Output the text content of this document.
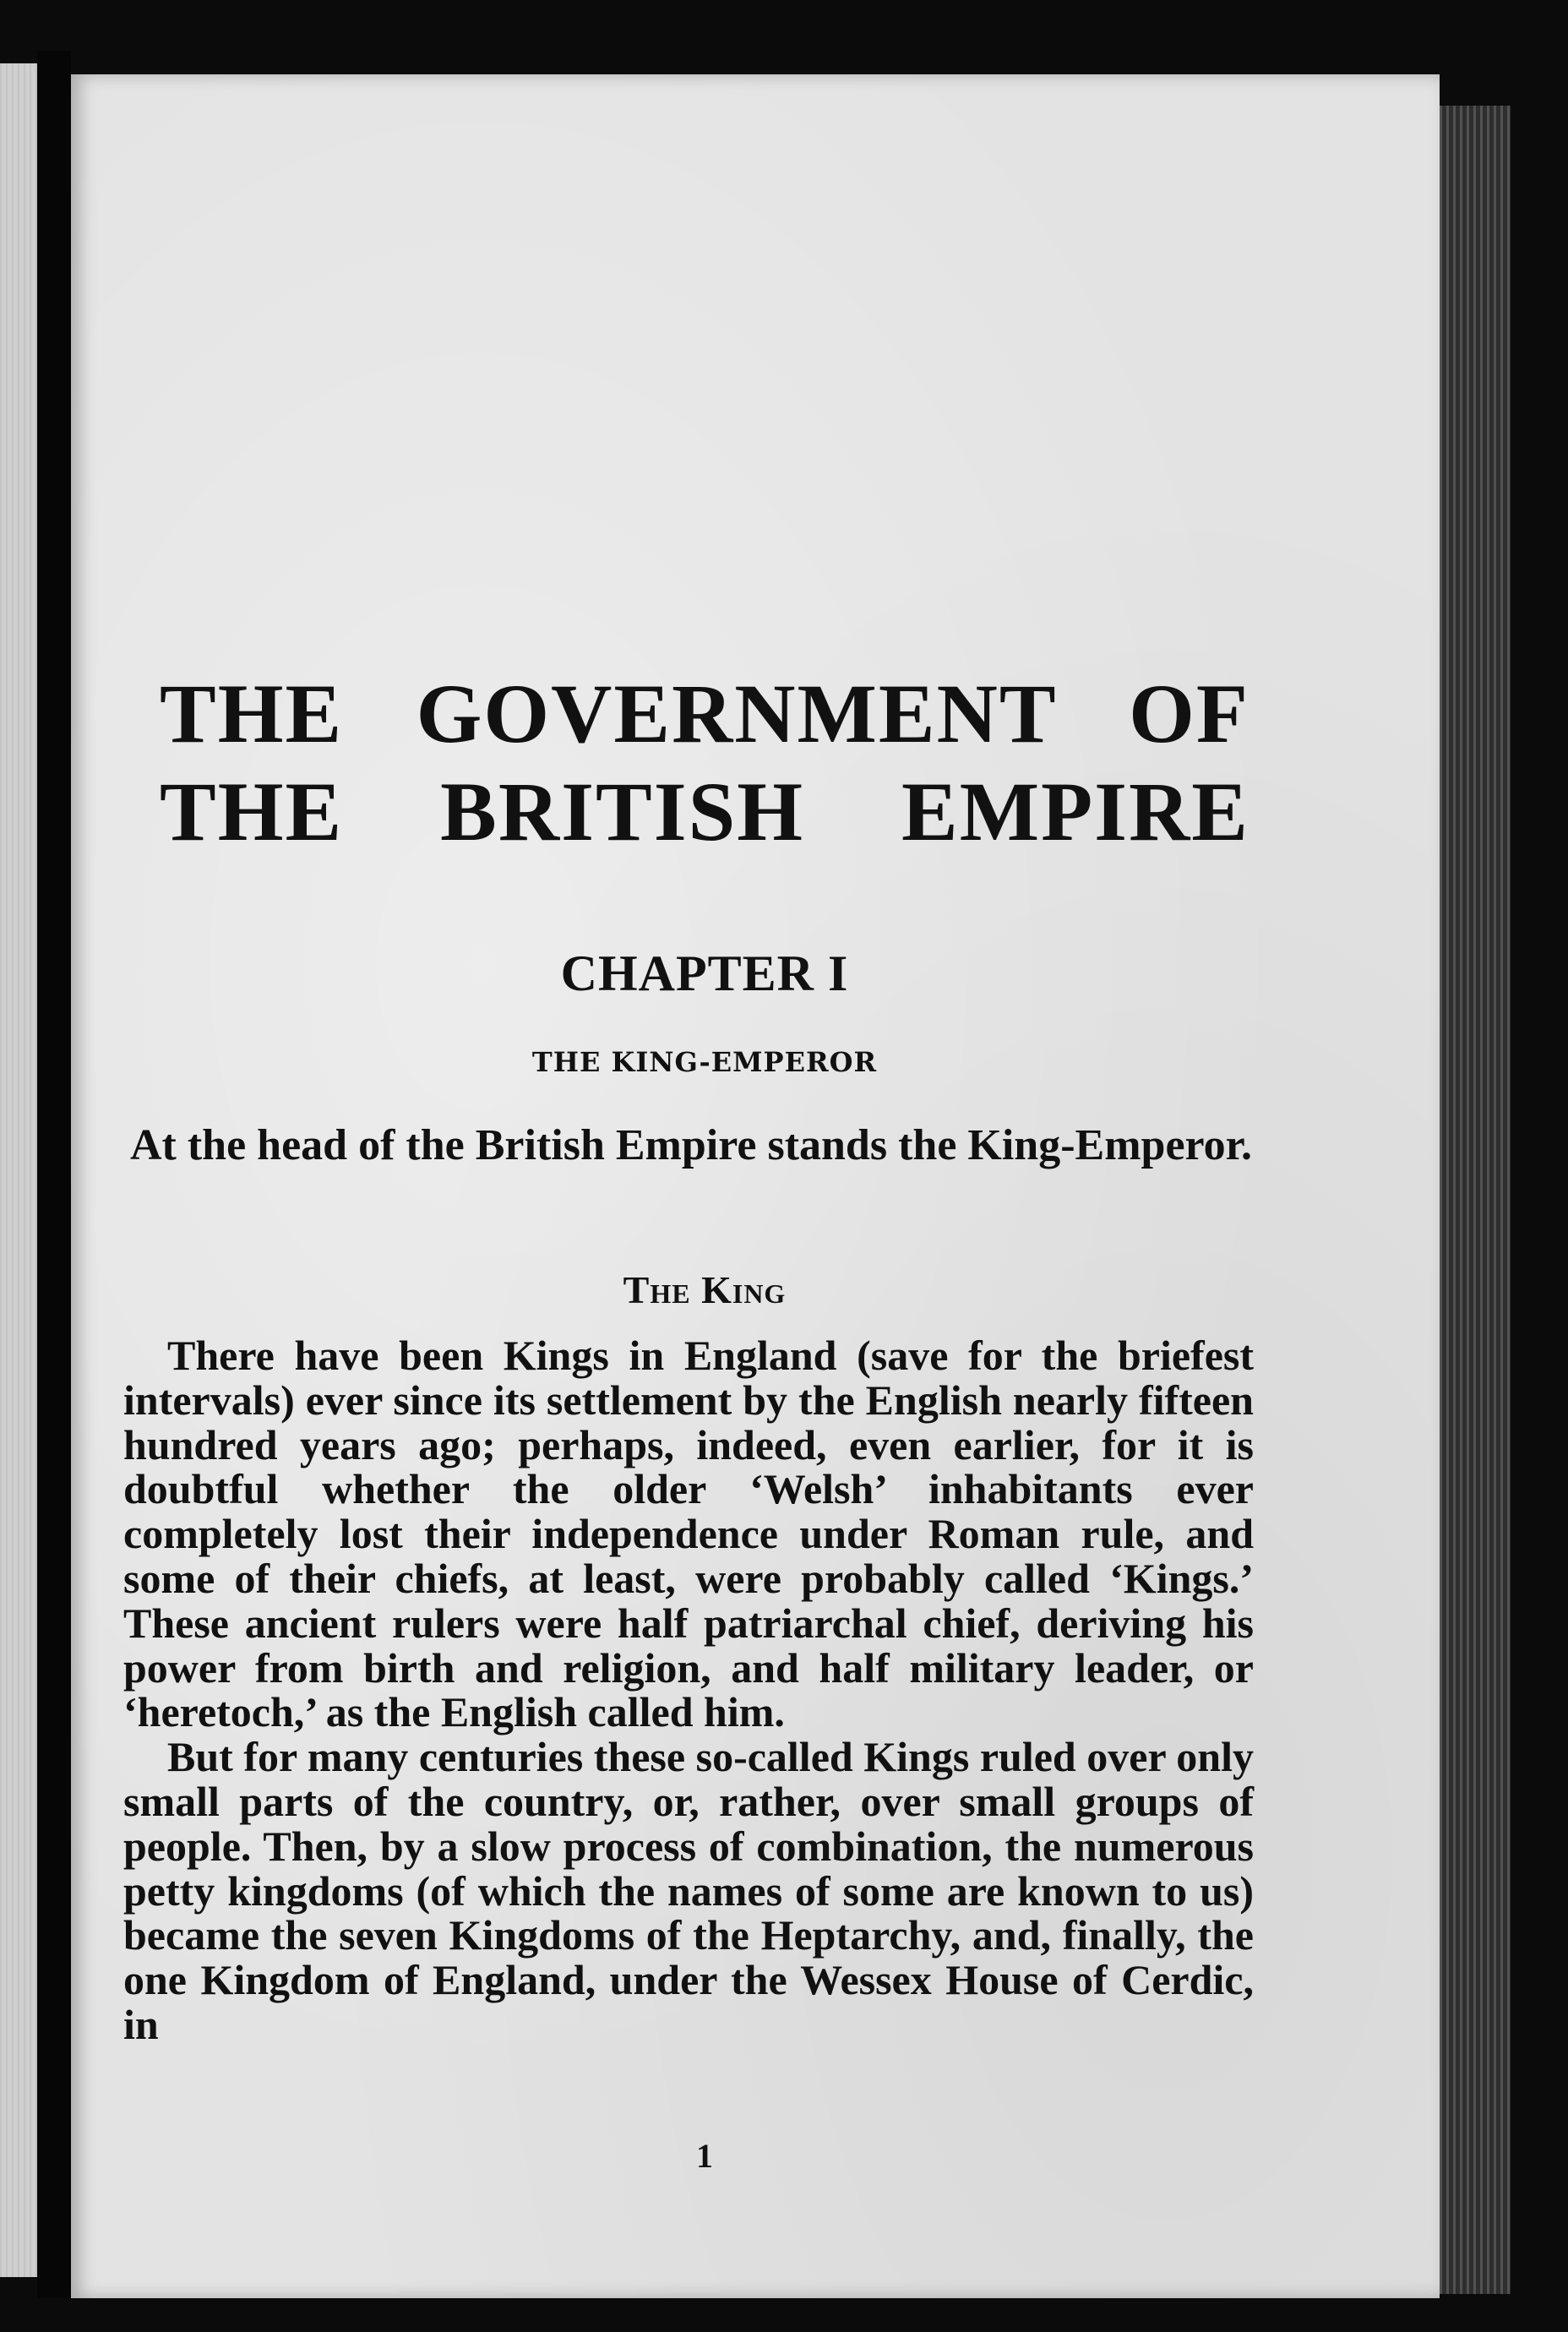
THE GOVERNMENT OF
THE BRITISH EMPIRE
CHAPTER I
THE KING-EMPEROR
At the head of the British Empire stands the King-Emperor.
The King

There have been Kings in England (save for the briefest intervals) ever since its settlement by the English nearly fifteen hundred years ago; perhaps, indeed, even earlier, for it is doubtful whether the older ‘Welsh’ inhabitants ever completely lost their independence under Roman rule, and some of their chiefs, at least, were probably called ‘Kings.’ These ancient rulers were half patriarchal chief, deriving his power from birth and religion, and half military leader, or ‘heretoch,’ as the English called him.

But for many centuries these so-called Kings ruled over only small parts of the country, or, rather, over small groups of people. Then, by a slow process of combination, the numerous petty kingdoms (of which the names of some are known to us) became the seven Kingdoms of the Heptarchy, and, finally, the one Kingdom of England, under the Wessex House of Cerdic, in

1
